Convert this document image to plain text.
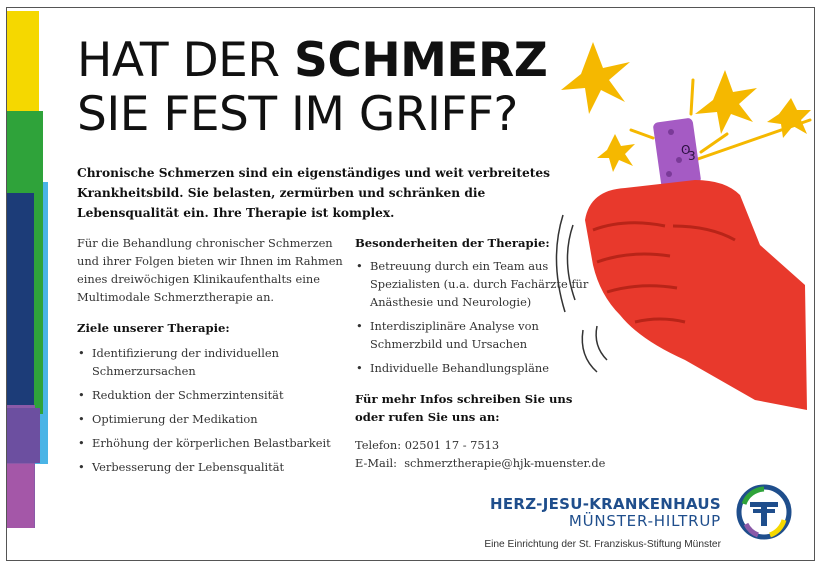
HAT DER SCHMERZ
SIE FEST IM GRIFF?

Chronische Schmerzen sind ein eigenständiges und weit verbreitetes Krankheitsbild. Sie belasten, zermürben und schränken die Lebensqualität ein. Ihre Therapie ist komplex.

Für die Behandlung chronischer Schmerzen und ihrer Folgen bieten wir Ihnen im Rahmen eines dreiwöchigen Klinikaufenthalts eine Multimodale Schmerztherapie an.

Ziele unserer Therapie:
• Identifizierung der individuellen Schmerzursachen
• Reduktion der Schmerzintensität
• Optimierung der Medikation
• Erhöhung der körperlichen Belastbarkeit
• Verbesserung der Lebensqualität
Besonderheiten der Therapie:
• Betreuung durch ein Team aus Spezialisten (u.a. durch Fachärzte für Anästhesie und Neurologie)
• Interdisziplinäre Analyse von Schmerzbild und Ursachen
• Individuelle Behandlungspläne
Für mehr Infos schreiben Sie uns oder rufen Sie uns an:

Telefon: 02501 17 - 7513

E-Mail: schmerztherapie@hjk-muenster.de

ʘ
3
HERZ-JESU-KRANKENHAUS
MÜNSTER-HILTRUP
Eine Einrichtung der St. Franziskus-Stiftung Münster
